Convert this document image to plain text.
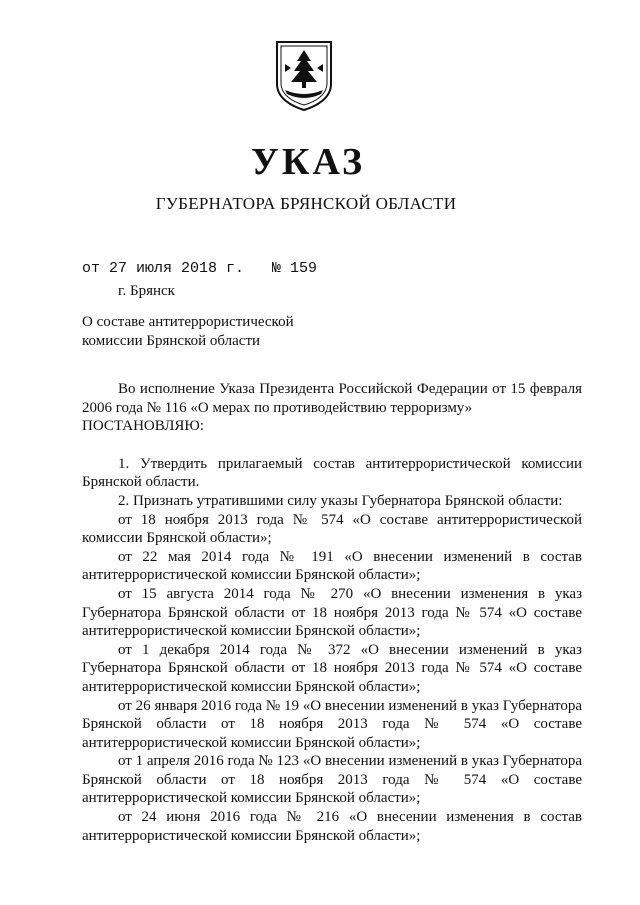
УКАЗ
ГУБЕРНАТОРА БРЯНСКОЙ ОБЛАСТИ
от 27 июля 2018 г. № 159
г. Брянск
О составе антитеррористической
комиссии Брянской области

Во исполнение Указа Президента Российской Федерации от 15 февраля 2006 года № 116 «О мерах по противодействию терроризму»

ПОСТАНОВЛЯЮ:

1. Утвердить прилагаемый состав антитеррористической комиссии Брянской области.

2. Признать утратившими силу указы Губернатора Брянской области:

от 18 ноября 2013 года № 574 «О составе антитеррористической комиссии Брянской области»;

от 22 мая 2014 года № 191 «О внесении изменений в состав антитеррористической комиссии Брянской области»;

от 15 августа 2014 года № 270 «О внесении изменения в указ Губернатора Брянской области от 18 ноября 2013 года № 574 «О составе антитеррористической комиссии Брянской области»;

от 1 декабря 2014 года № 372 «О внесении изменений в указ Губернатора Брянской области от 18 ноября 2013 года № 574 «О составе антитеррористической комиссии Брянской области»;

от 26 января 2016 года № 19 «О внесении изменений в указ Губернатора Брянской области от 18 ноября 2013 года № 574 «О составе антитеррористической комиссии Брянской области»;

от 1 апреля 2016 года № 123 «О внесении изменений в указ Губернатора Брянской области от 18 ноября 2013 года № 574 «О составе антитеррористической комиссии Брянской области»;

от 24 июня 2016 года № 216 «О внесении изменения в состав антитеррористической комиссии Брянской области»;
